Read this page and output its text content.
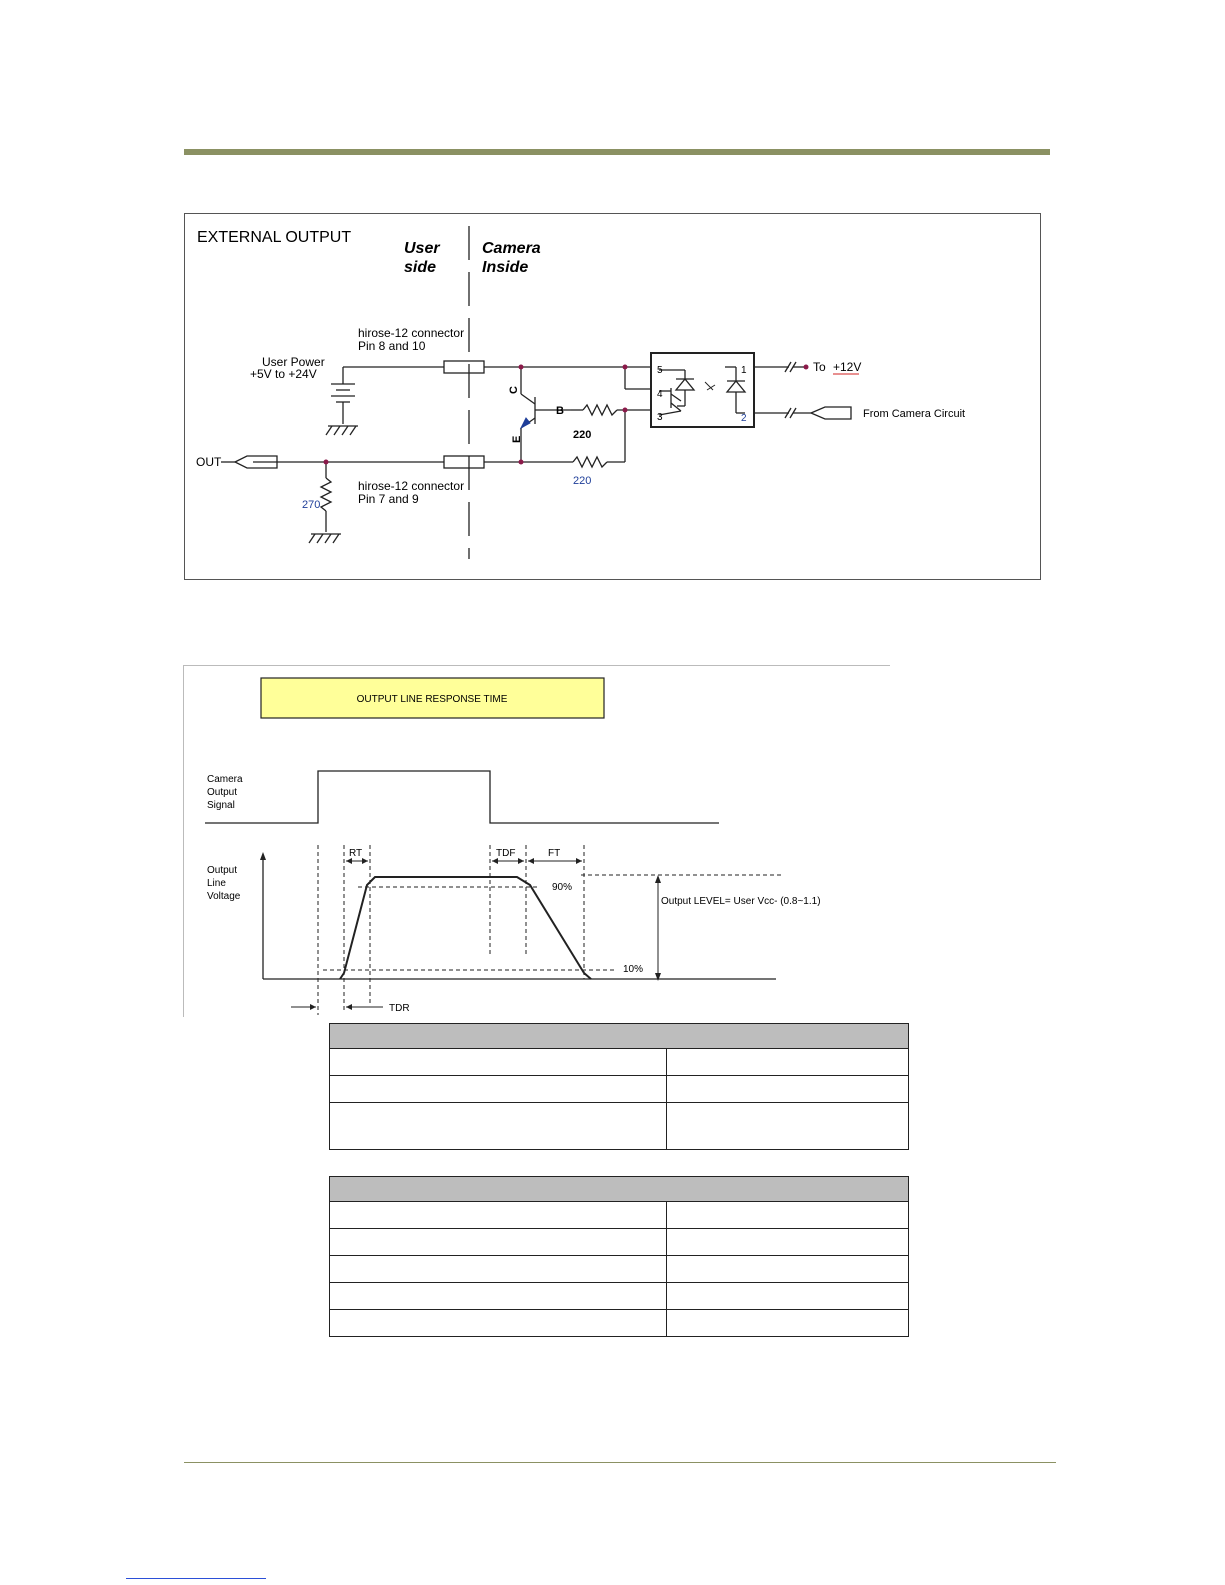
EXTERNAL OUTPUT
User
side
Camera
Inside
hirose-12 connector
Pin 8 and 10
hirose-12 connector
Pin 7 and 9
User Power
+5V to +24V
OUT
270
220
220
C
B
E
5
4
3
1
2
To +12V
From Camera Circuit
OUTPUT LINE RESPONSE TIME
Camera
Output
Signal
Output
Line
Voltage
RT	TDF	FT
TDR
90%
10%
Output LEVEL= User Vcc- (0.8~1.1)
